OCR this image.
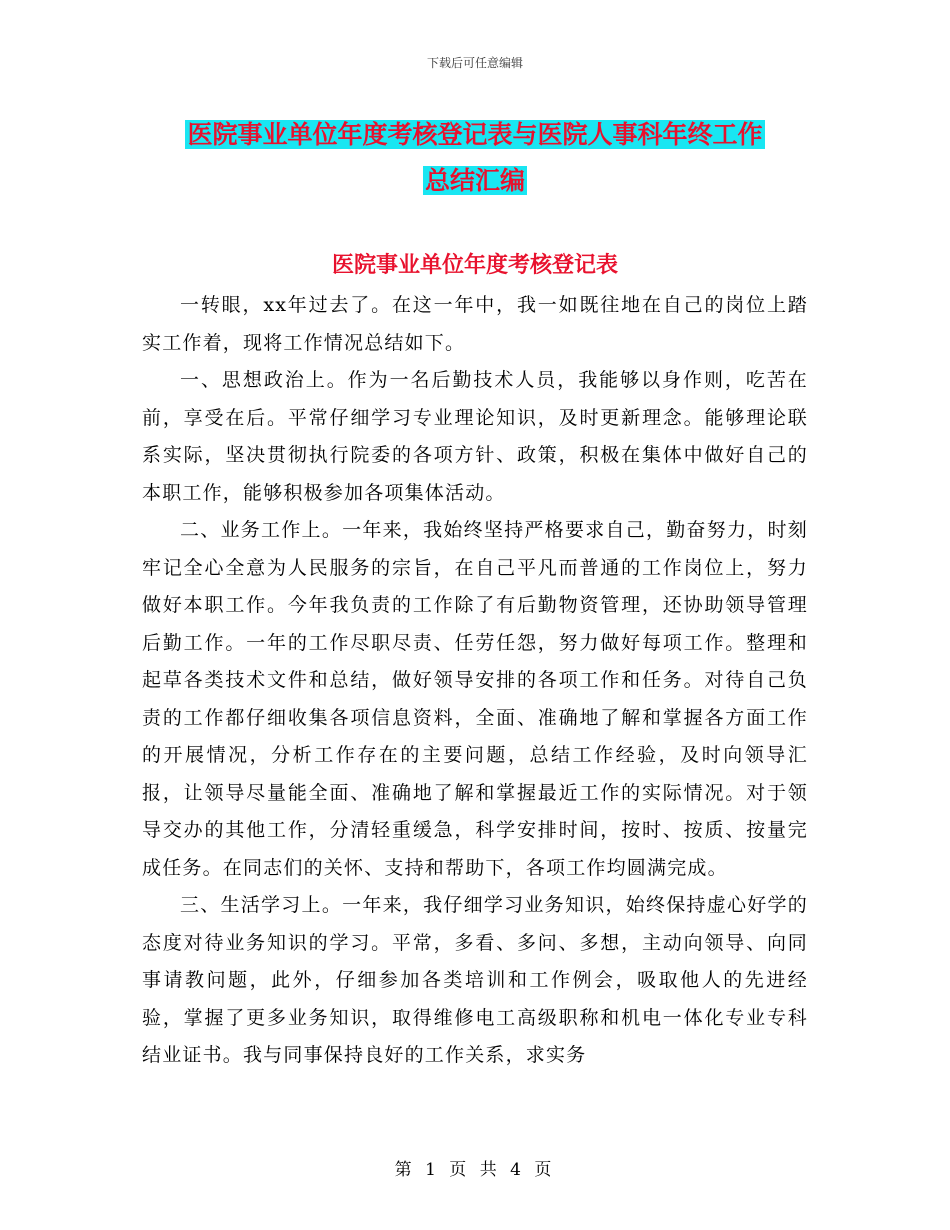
下载后可任意编辑
医院事业单位年度考核登记表与医院人事科年终工作
总结汇编
医院事业单位年度考核登记表

一转眼，xx年过去了。在这一年中，我一如既往地在自己的岗位上踏实工作着，现将工作情况总结如下。

一、思想政治上。作为一名后勤技术人员，我能够以身作则，吃苦在前，享受在后。平常仔细学习专业理论知识，及时更新理念。能够理论联系实际，坚决贯彻执行院委的各项方针、政策，积极在集体中做好自己的本职工作，能够积极参加各项集体活动。

二、业务工作上。一年来，我始终坚持严格要求自己，勤奋努力，时刻牢记全心全意为人民服务的宗旨，在自己平凡而普通的工作岗位上，努力做好本职工作。今年我负责的工作除了有后勤物资管理，还协助领导管理后勤工作。一年的工作尽职尽责、任劳任怨，努力做好每项工作。整理和起草各类技术文件和总结，做好领导安排的各项工作和任务。对待自己负责的工作都仔细收集各项信息资料，全面、准确地了解和掌握各方面工作的开展情况，分析工作存在的主要问题，总结工作经验，及时向领导汇报，让领导尽量能全面、准确地了解和掌握最近工作的实际情况。对于领导交办的其他工作，分清轻重缓急，科学安排时间，按时、按质、按量完成任务。在同志们的关怀、支持和帮助下，各项工作均圆满完成。

三、生活学习上。一年来，我仔细学习业务知识，始终保持虚心好学的态度对待业务知识的学习。平常，多看、多问、多想，主动向领导、向同事请教问题，此外，仔细参加各类培训和工作例会，吸取他人的先进经验，掌握了更多业务知识，取得维修电工高级职称和机电一体化专业专科结业证书。我与同事保持良好的工作关系，求实务

第 1 页 共 4 页
